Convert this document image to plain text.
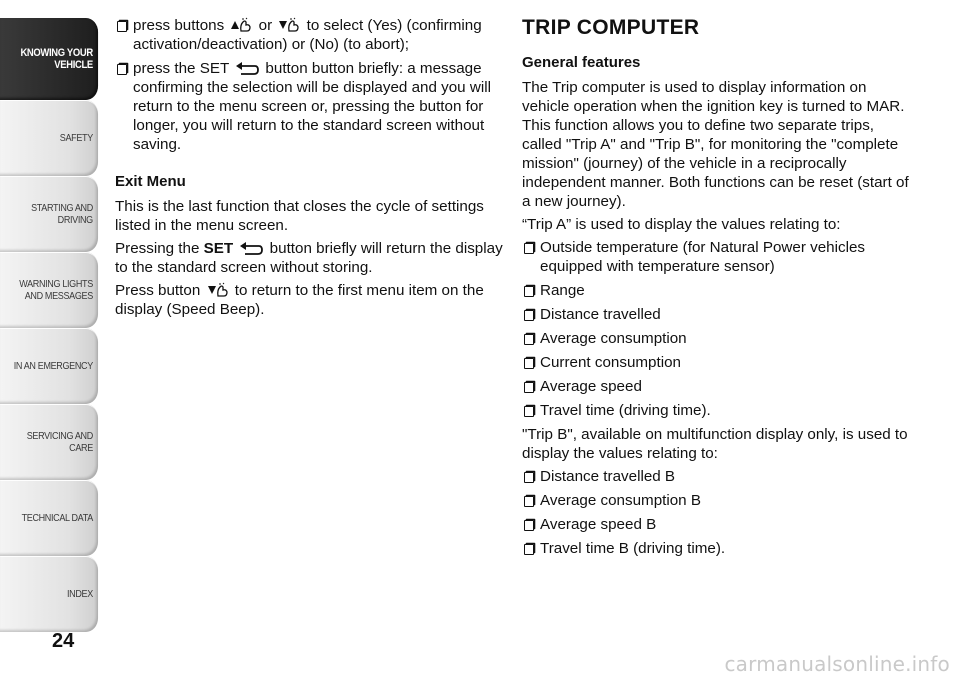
KNOWING YOUR
VEHICLE
SAFETY
STARTING AND
DRIVING
WARNING LIGHTS
AND MESSAGES
IN AN EMERGENCY
SERVICING AND
CARE
TECHNICAL DATA
INDEX
24
press buttons or to select (Yes) (confirming activation/deactivation) or (No) (to abort);
press the SET button button briefly: a message confirming the selection will be displayed and you will return to the menu screen or, pressing the button for longer, you will return to the standard screen without saving.
Exit Menu

This is the last function that closes the cycle of settings listed in the menu screen.

Pressing the SET button briefly will return the display to the standard screen without storing.

Press button to return to the first menu item on the display (Speed Beep).

TRIP COMPUTER
General features

The Trip computer is used to display information on vehicle operation when the ignition key is turned to MAR. This function allows you to define two separate trips, called "Trip A" and "Trip B", for monitoring the "complete mission" (journey) of the vehicle in a reciprocally independent manner. Both functions can be reset (start of a new journey).

“Trip A” is used to display the values relating to:

Outside temperature (for Natural Power vehicles equipped with temperature sensor)
Range
Distance travelled
Average consumption
Current consumption
Average speed
Travel time (driving time).

"Trip B", available on multifunction display only, is used to display the values relating to:

Distance travelled B
Average consumption B
Average speed B
Travel time B (driving time).
carmanualsonline.info
